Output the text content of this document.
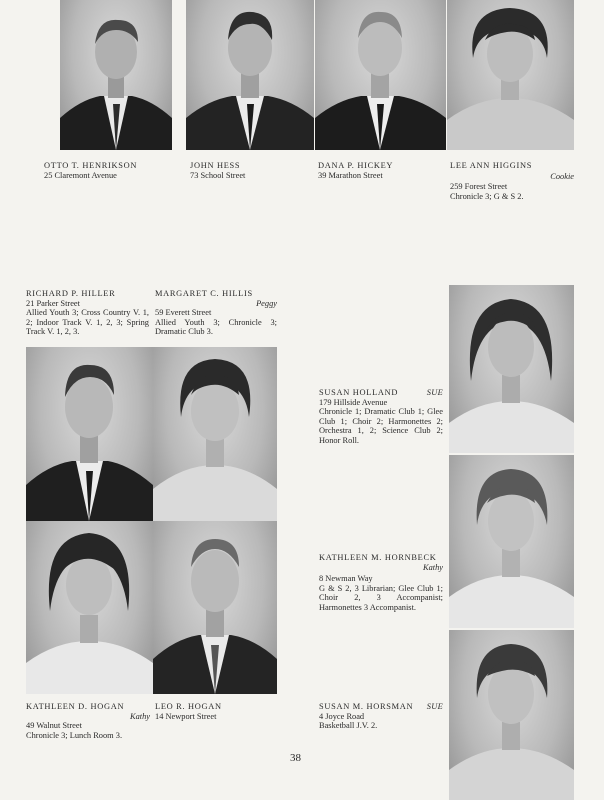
OTTO T. HENRIKSON
25 Claremont Avenue
JOHN HESS
73 School Street
DANA P. HICKEY
39 Marathon Street
LEE ANN HIGGINS
Cookie
259 Forest Street
Chronicle 3; G & S 2.
RICHARD P. HILLER
21 Parker Street
Allied Youth 3; Cross Country V. 1, 2; Indoor Track V. 1, 2, 3; Spring Track V. 1, 2, 3.
MARGARET C. HILLIS
Peggy
59 Everett Street
Allied Youth 3; Chronicle 3; Dramatic Club 3.
SUSAN HOLLAND	SUE
179 Hillside Avenue
Chronicle 1; Dramatic Club 1; Glee Club 1; Choir 2; Harmonettes 2; Orchestra 1, 2; Science Club 2; Honor Roll.
KATHLEEN M. HORNBECK
Kathy
8 Newman Way
G & S 2, 3 Librarian; Glee Club 1; Choir 2, 3 Accompanist; Harmonettes 3 Accompanist.
KATHLEEN D. HOGAN
Kathy
49 Walnut Street
Chronicle 3; Lunch Room 3.
LEO R. HOGAN
14 Newport Street
SUSAN M. HORSMAN SUE
4 Joyce Road
Basketball J.V. 2.
38
